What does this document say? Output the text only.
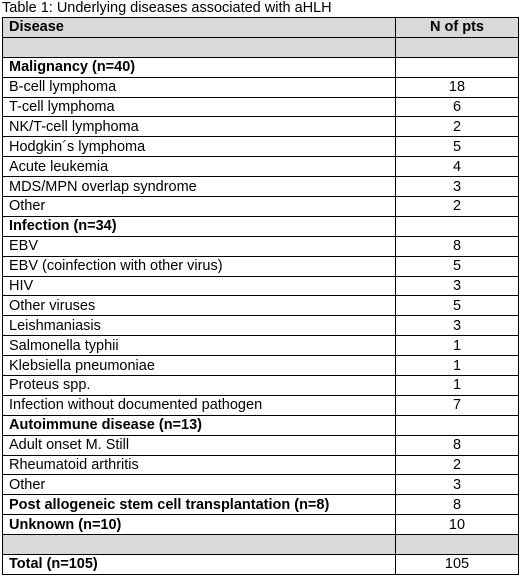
Table 1: Underlying diseases associated with aHLH
Disease	N of pts

Malignancy (n=40)	
B-cell lymphoma	18
T-cell lymphoma	6
NK/T-cell lymphoma	2
Hodgkin´s lymphoma	5
Acute leukemia	4
MDS/MPN overlap syndrome	3
Other	2
Infection (n=34)	
EBV	8
EBV (coinfection with other virus)	5
HIV	3
Other viruses	5
Leishmaniasis	3
Salmonella typhii	1
Klebsiella pneumoniae	1
Proteus spp.	1
Infection without documented pathogen	7
Autoimmune disease (n=13)	
Adult onset M. Still	8
Rheumatoid arthritis	2
Other	3
Post allogeneic stem cell transplantation (n=8)	8
Unknown (n=10)	10

Total (n=105)	105
